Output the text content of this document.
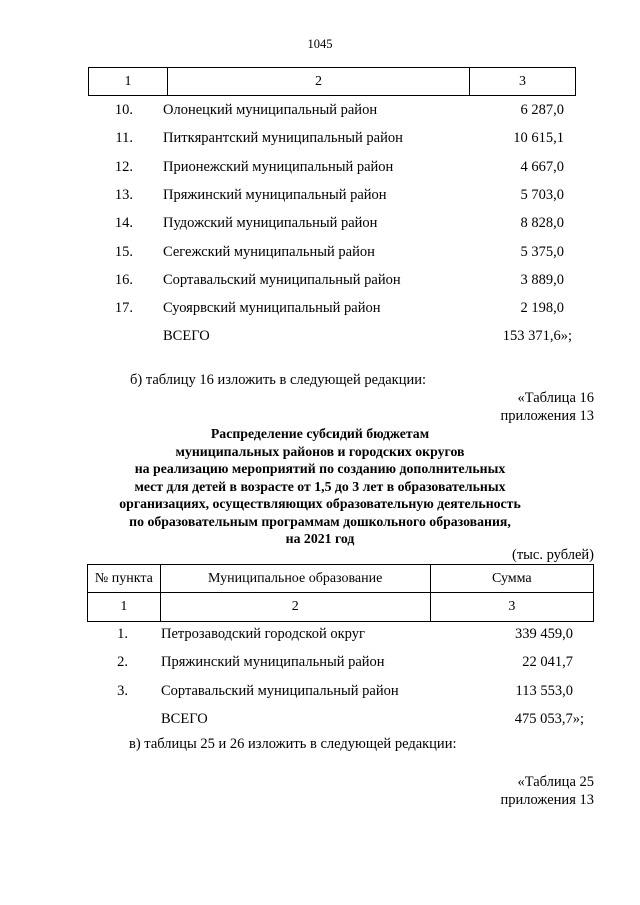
1045
1	2	3
10. Олонецкий муниципальный район	6 287,0
11. Питкярантский муниципальный район	10 615,1
12. Прионежский муниципальный район	4 667,0
13. Пряжинский муниципальный район	5 703,0
14. Пудожский муниципальный район	8 828,0
15. Сегежский муниципальный район	5 375,0
16. Сортавальский муниципальный район	3 889,0
17. Суоярвский муниципальный район	2 198,0
ВСЕГО	153 371,6»;
б) таблицу 16 изложить в следующей редакции:
«Таблица 16
приложения 13
Распределение субсидий бюджетам
муниципальных районов и городских округов
на реализацию мероприятий по созданию дополнительных
мест для детей в возрасте от 1,5 до 3 лет в образовательных
организациях, осуществляющих образовательную деятельность
по образовательным программам дошкольного образования,
на 2021 год
(тыс. рублей)
№ пункта	Муниципальное образование	Сумма
1	2	3
1. Петрозаводский городской округ	339 459,0
2. Пряжинский муниципальный район	22 041,7
3. Сортавальский муниципальный район	113 553,0
ВСЕГО	475 053,7»;
в) таблицы 25 и 26 изложить в следующей редакции:
«Таблица 25
приложения 13
